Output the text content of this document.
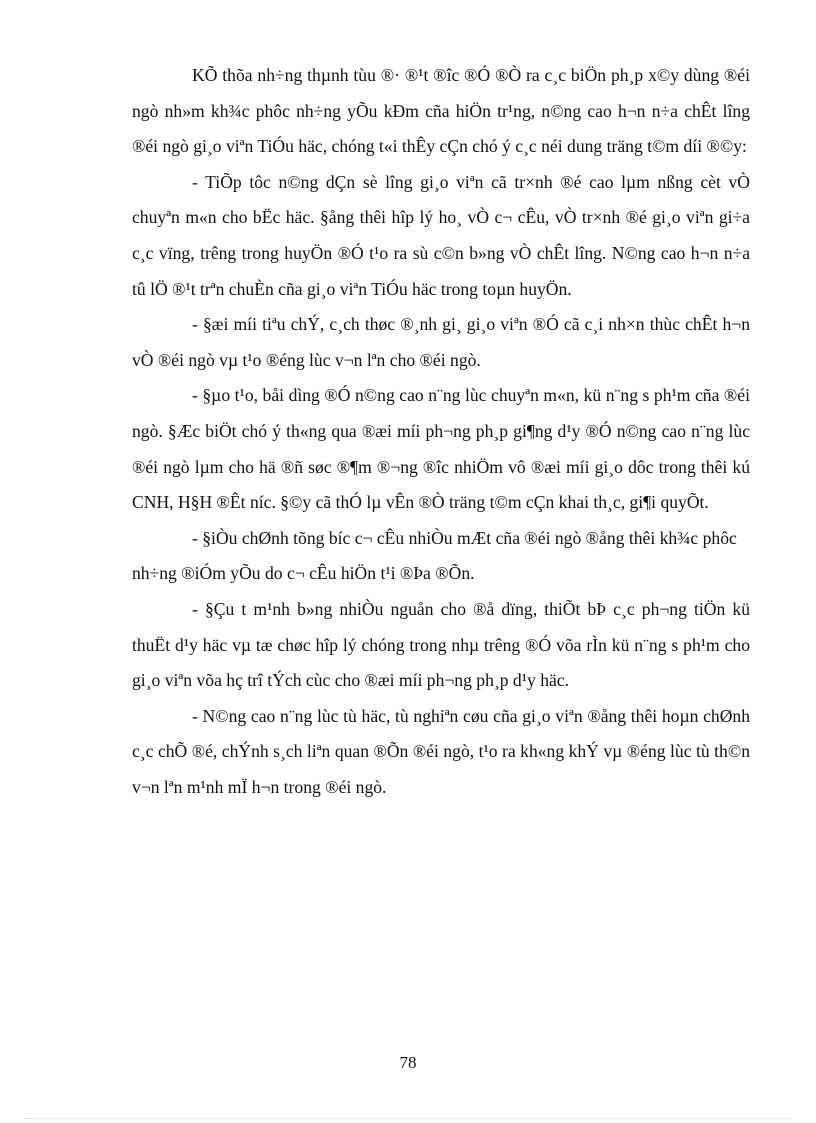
KÕ thõa nh÷ng thµnh tùu ®· ®¹t ®îc ®Ó ®Ò ra c¸c biÖn ph¸p x©y dùng ®éi ngò nh»m kh¾c phôc nh÷ng yÕu kÐm cña hiÖn tr¹ng, n©ng cao h¬n n÷a chÊt lîng ®éi ngò gi¸o viªn TiÓu häc, chóng t«i thÊy cÇn chó ý c¸c néi dung träng t©m díi ®©y:

- TiÕp tôc n©ng dÇn sè lîng gi¸o viªn cã tr×nh ®é cao lµm nßng cèt vÒ chuyªn m«n cho bËc häc. §ång thêi hîp lý ho¸ vÒ c¬ cÊu, vÒ tr×nh ®é gi¸o viªn gi÷a c¸c vïng, trêng trong huyÖn ®Ó t¹o ra sù c©n b»ng vÒ chÊt lîng. N©ng cao h¬n n÷a tû lÖ ®¹t trªn chuÈn cña gi¸o viªn TiÓu häc trong toµn huyÖn.

- §æi míi tiªu chÝ, c¸ch thøc ®¸nh gi¸ gi¸o viªn ®Ó cã c¸i nh×n thùc chÊt h¬n vÒ ®éi ngò vµ t¹o ®éng lùc v¬n lªn cho ®éi ngò.

- §µo t¹o, båi dìng ®Ó n©ng cao n¨ng lùc chuyªn m«n, kü n¨ng s ph¹m cña ®éi ngò. §Æc biÖt chó ý th«ng qua ®æi míi ph¬ng ph¸p gi¶ng d¹y ®Ó n©ng cao n¨ng lùc ®éi ngò lµm cho hä ®ñ søc ®¶m ®¬ng ®îc nhiÖm vô ®æi míi gi¸o dôc trong thêi kú CNH, H§H ®Êt níc. §©y cã thÓ lµ vÊn ®Ò träng t©m cÇn khai th¸c, gi¶i quyÕt.

- §iÒu chØnh tõng bíc c¬ cÊu nhiÒu mÆt cña ®éi ngò ®ång thêi kh¾c phôc

nh÷ng ®iÓm yÕu do c¬ cÊu hiÖn t¹i ®Þa ®Õn.

- §Çu t m¹nh b»ng nhiÒu nguån cho ®å dïng, thiÕt bÞ c¸c ph¬ng tiÖn kü thuËt d¹y häc vµ tæ chøc hîp lý chóng trong nhµ trêng ®Ó võa rÌn kü n¨ng s ph¹m cho gi¸o viªn võa hç trî tÝch cùc cho ®æi míi ph¬ng ph¸p d¹y häc.

- N©ng cao n¨ng lùc tù häc, tù nghiªn cøu cña gi¸o viªn ®ång thêi hoµn chØnh c¸c chÕ ®é, chÝnh s¸ch liªn quan ®Õn ®éi ngò, t¹o ra kh«ng khÝ vµ ®éng lùc tù th©n v¬n lªn m¹nh mÏ h¬n trong ®éi ngò.

78
